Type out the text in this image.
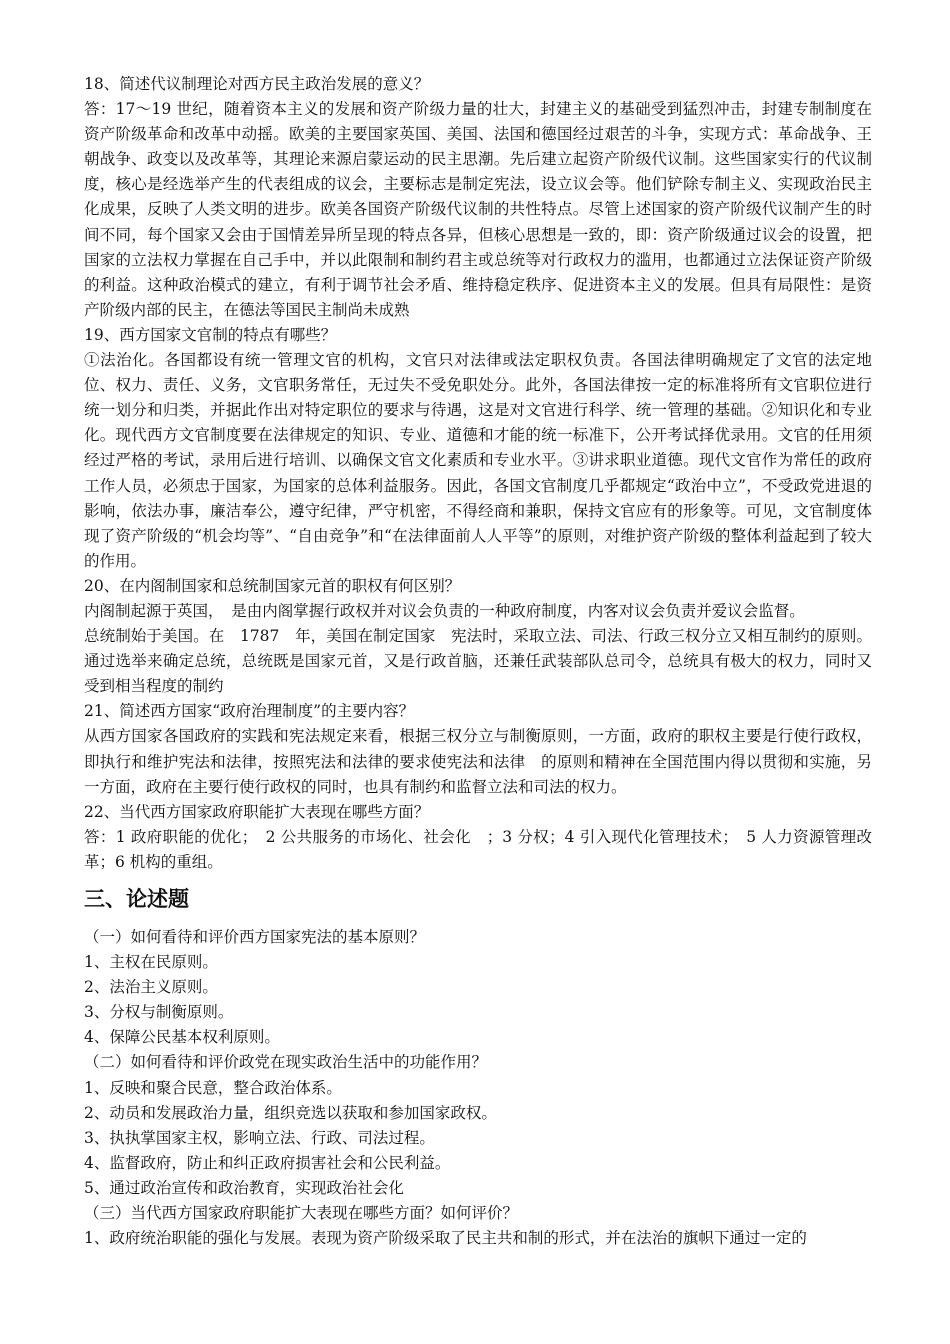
18、简述代议制理论对西方民主政治发展的意义？

答：17～19 世纪，随着资本主义的发展和资产阶级力量的壮大，封建主义的基础受到猛烈冲击，封建专制制度在资产阶级革命和改革中动摇。欧美的主要国家英国、美国、法国和德国经过艰苦的斗争，实现方式：革命战争、王朝战争、政变以及改革等，其理论来源启蒙运动的民主思潮。先后建立起资产阶级代议制。这些国家实行的代议制度，核心是经选举产生的代表组成的议会，主要标志是制定宪法，设立议会等。他们铲除专制主义、实现政治民主化成果，反映了人类文明的进步。欧美各国资产阶级代议制的共性特点。尽管上述国家的资产阶级代议制产生的时间不同，每个国家又会由于国情差异所呈现的特点各异，但核心思想是一致的，即：资产阶级通过议会的设置，把国家的立法权力掌握在自己手中，并以此限制和制约君主或总统等对行政权力的滥用，也都通过立法保证资产阶级的利益。这种政治模式的建立，有利于调节社会矛盾、维持稳定秩序、促进资本主义的发展。但具有局限性：是资产阶级内部的民主，在德法等国民主制尚未成熟

19、西方国家文官制的特点有哪些？

①法治化。各国都设有统一管理文官的机构，文官只对法律或法定职权负责。各国法律明确规定了文官的法定地位、权力、责任、义务，文官职务常任，无过失不受免职处分。此外，各国法律按一定的标准将所有文官职位进行统一划分和归类，并据此作出对特定职位的要求与待遇，这是对文官进行科学、统一管理的基础。②知识化和专业化。现代西方文官制度要在法律规定的知识、专业、道德和才能的统一标准下，公开考试择优录用。文官的任用须经过严格的考试，录用后进行培训、以确保文官文化素质和专业水平。③讲求职业道德。现代文官作为常任的政府工作人员，必须忠于国家，为国家的总体利益服务。因此，各国文官制度几乎都规定“政治中立”，不受政党进退的影响，依法办事，廉洁奉公，遵守纪律，严守机密，不得经商和兼职，保持文官应有的形象等。可见，文官制度体现了资产阶级的“机会均等”、“自由竞争”和“在法律面前人人平等”的原则，对维护资产阶级的整体利益起到了较大的作用。

20、在内阁制国家和总统制国家元首的职权有何区别？

内阁制起源于英国，　是由内阁掌握行政权并对议会负责的一种政府制度，内客对议会负责并爱议会监督。

总统制始于美国。在　1787　年，美国在制定国家　宪法时，采取立法、司法、行政三权分立又相互制约的原则。通过选举来确定总统，总统既是国家元首，又是行政首脑，还兼任武装部队总司令，总统具有极大的权力，同时又受到相当程度的制约

21、简述西方国家“政府治理制度”的主要内容？

从西方国家各国政府的实践和宪法规定来看，根据三权分立与制衡原则，一方面，政府的职权主要是行使行政权，即执行和维护宪法和法律，按照宪法和法律的要求使宪法和法律　的原则和精神在全国范围内得以贯彻和实施，另一方面，政府在主要行使行政权的同时，也具有制约和监督立法和司法的权力。

22、当代西方国家政府职能扩大表现在哪些方面？

答：1 政府职能的优化；　2 公共服务的市场化、社会化　；3 分权；4 引入现代化管理技术；　5 人力资源管理改革；6 机构的重组。

三、论述题

（一）如何看待和评价西方国家宪法的基本原则？

1、主权在民原则。

2、法治主义原则。

3、分权与制衡原则。

4、保障公民基本权利原则。

（二）如何看待和评价政党在现实政治生活中的功能作用？

1、反映和聚合民意，整合政治体系。

2、动员和发展政治力量，组织竞选以获取和参加国家政权。

3、执执掌国家主权，影响立法、行政、司法过程。

4、监督政府，防止和纠正政府损害社会和公民利益。

5、通过政治宣传和政治教育，实现政治社会化

（三）当代西方国家政府职能扩大表现在哪些方面？如何评价？

1、政府统治职能的强化与发展。表现为资产阶级采取了民主共和制的形式，并在法治的旗帜下通过一定的
